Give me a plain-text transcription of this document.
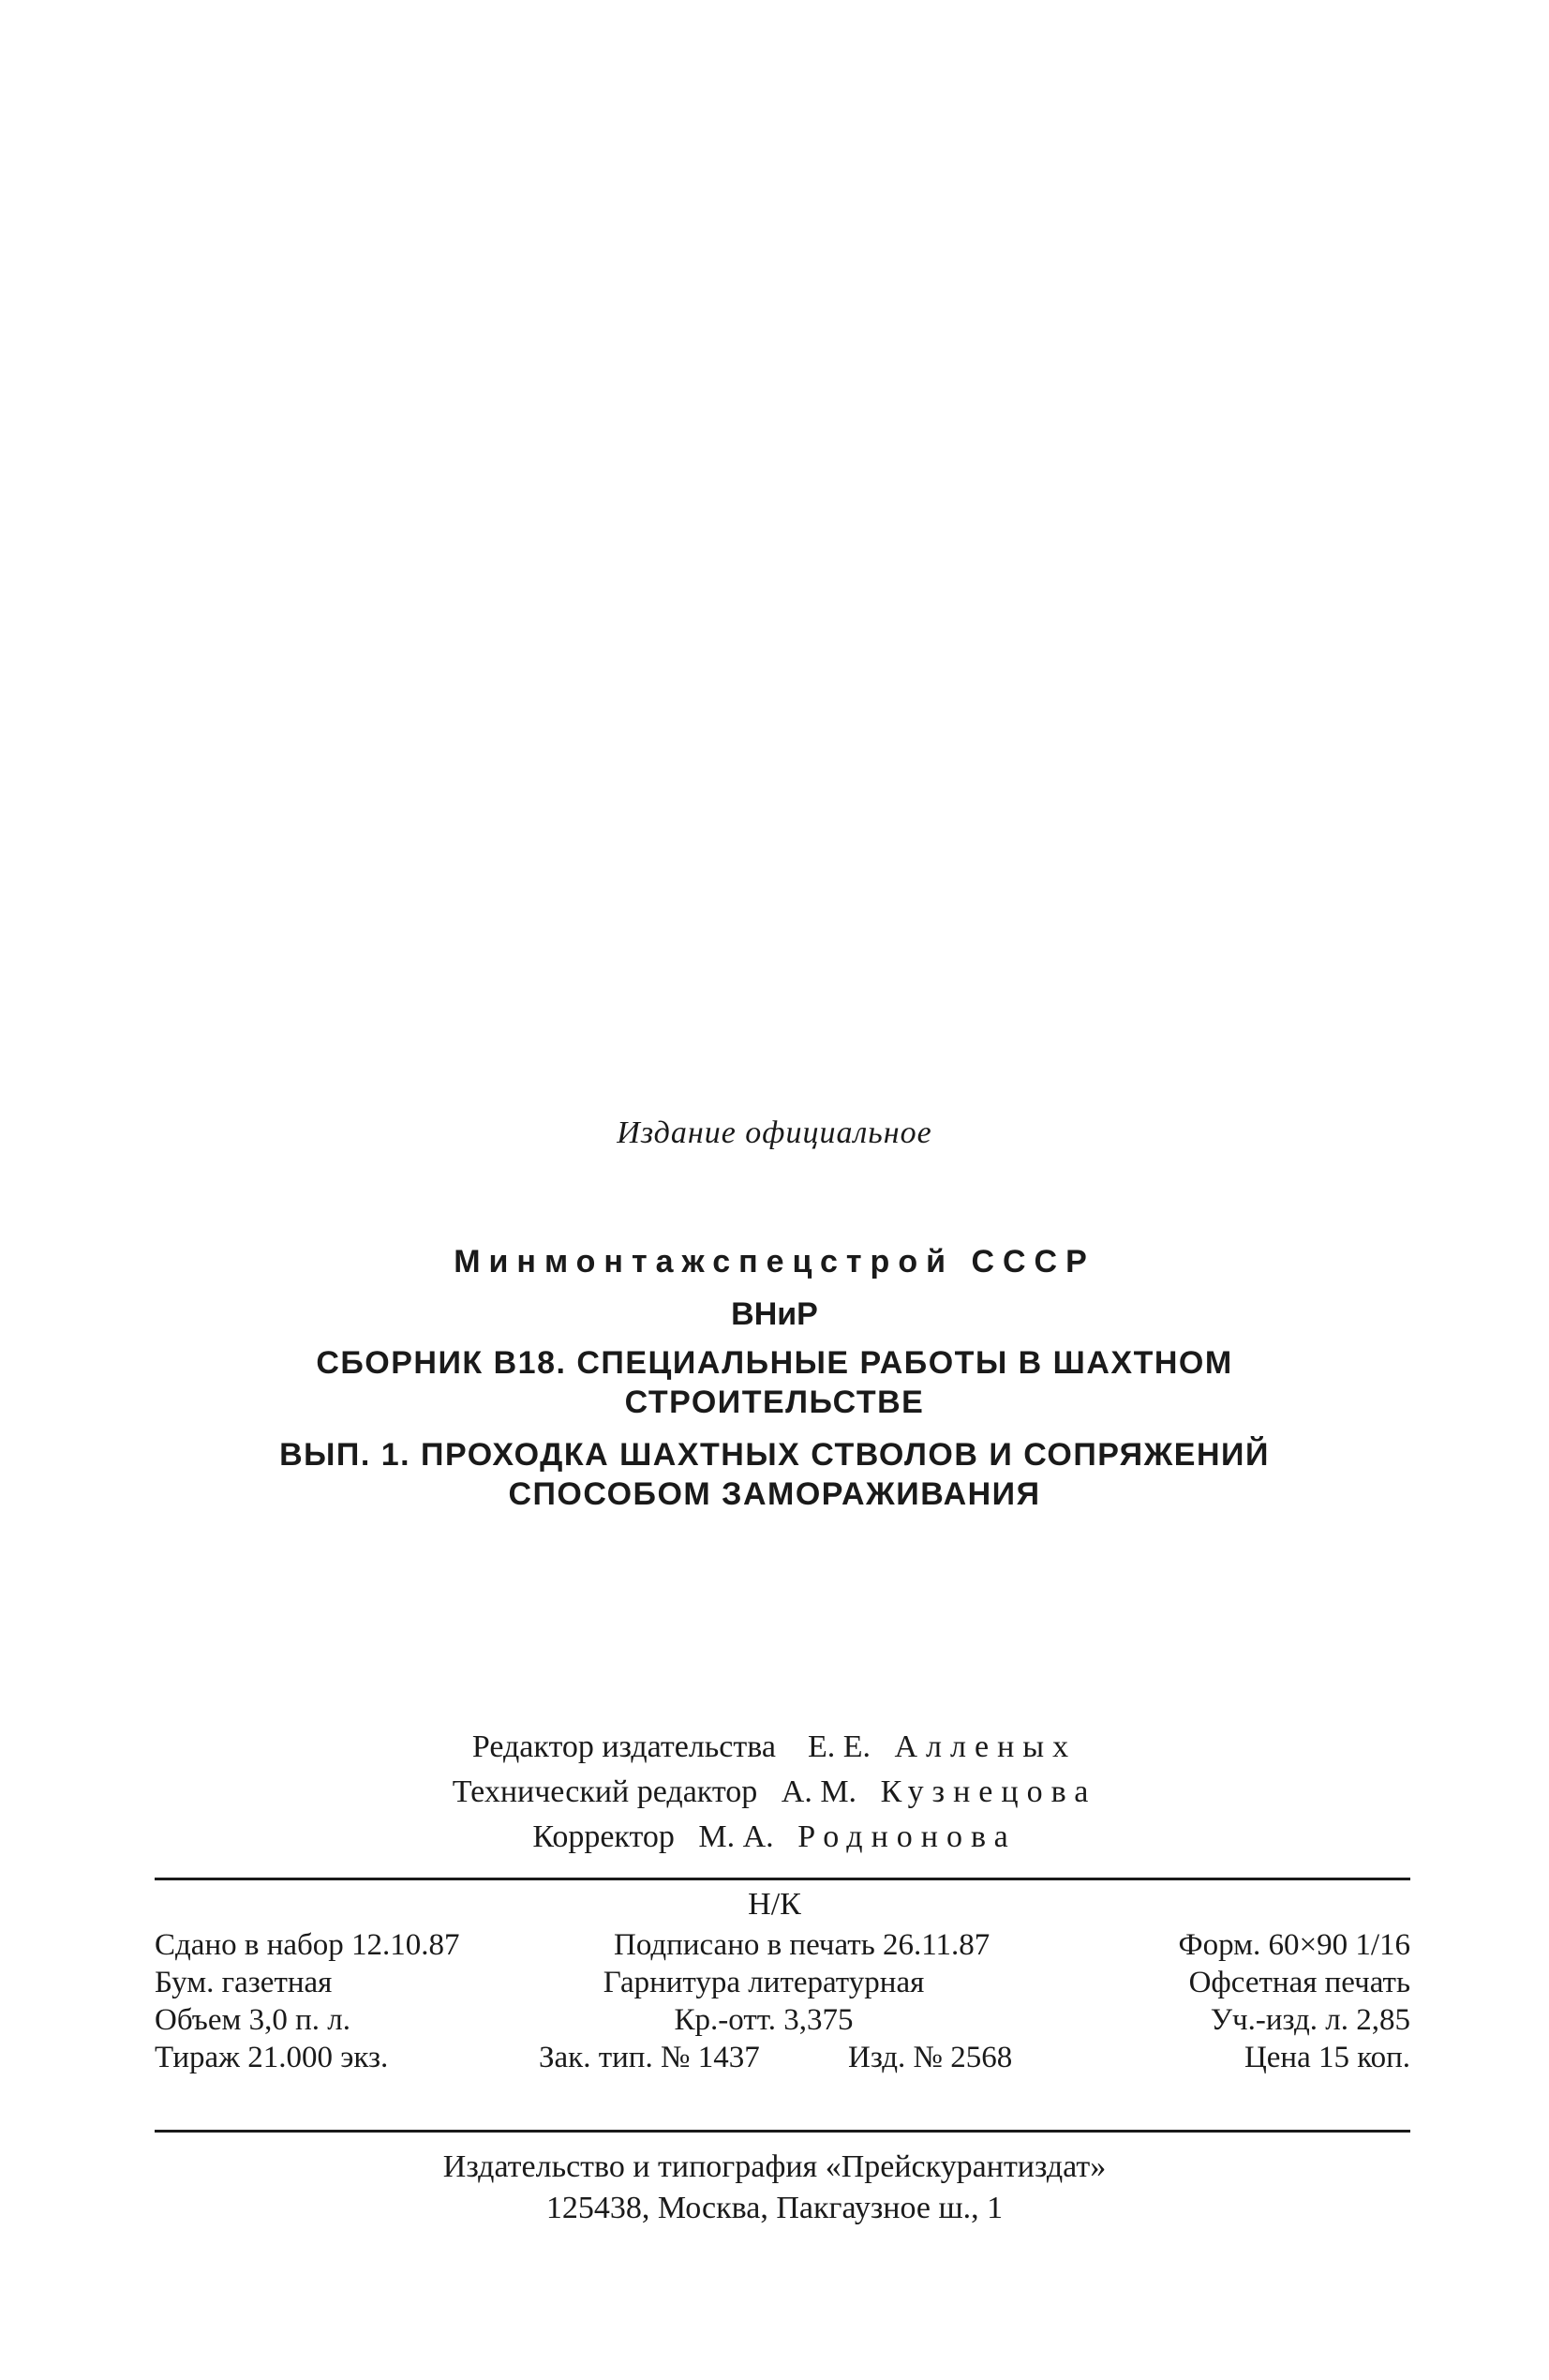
Издание официальное
Минмонтажспецстрой СССР
ВНиР
СБОРНИК В18. СПЕЦИАЛЬНЫЕ РАБОТЫ В ШАХТНОМ
СТРОИТЕЛЬСТВЕ
ВЫП. 1. ПРОХОДКА ШАХТНЫХ СТВОЛОВ И СОПРЯЖЕНИЙ
СПОСОБОМ ЗАМОРАЖИВАНИЯ
Редактор издательства Е. Е. Алленых
Технический редактор А. М. Кузнецова
Корректор М. А. Роднонова
Н/К
Сдано в набор 12.10.87	Подписано в печать 26.11.87	Форм. 60×90 1/16
Бум. газетная	Гарнитура литературная	Офсетная печать
Объем 3,0 п. л.	Кр.-отт. 3,375	Уч.-изд. л. 2,85
Тираж 21.000 экз.	Зак. тип. № 1437	Изд. № 2568	Цена 15 коп.
Издательство и типография «Прейскурантиздат»
125438, Москва, Пакгаузное ш., 1
